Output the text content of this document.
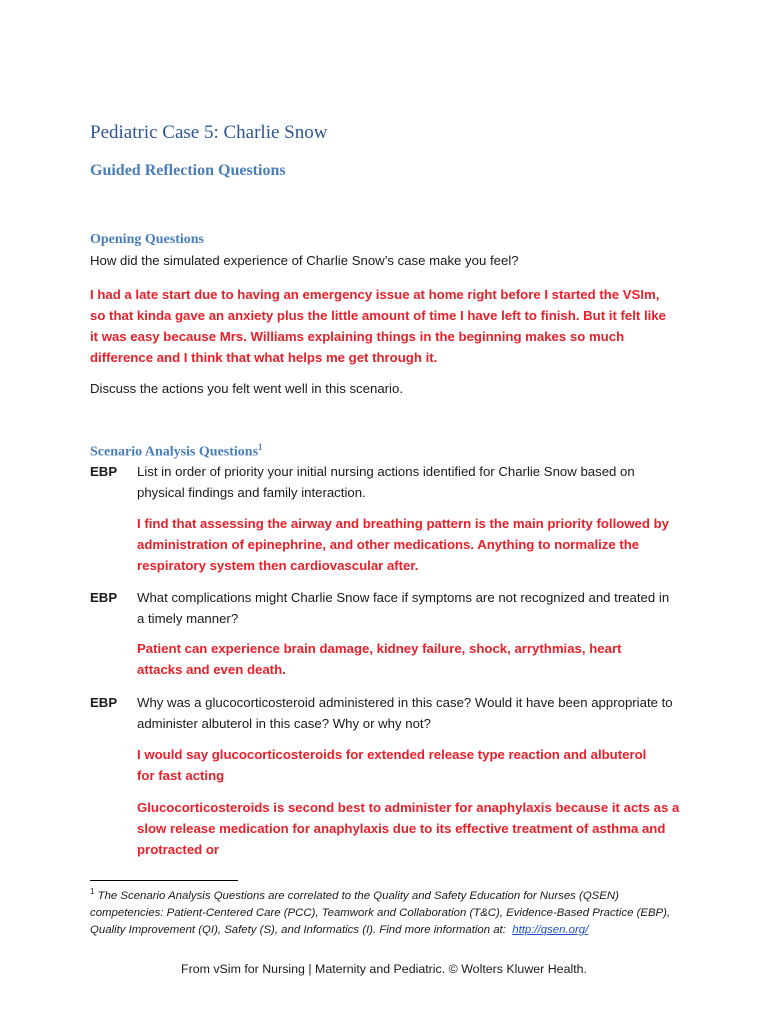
Pediatric Case 5: Charlie Snow
Guided Reflection Questions
Opening Questions
How did the simulated experience of Charlie Snow’s case make you feel?
I had a late start due to having an emergency issue at home right before I started the VSIm, so that kinda gave an anxiety plus the little amount of time I have left to finish. But it felt like it was easy because Mrs. Williams explaining things in the beginning makes so much difference and I think that what helps me get through it.
Discuss the actions you felt went well in this scenario.
Scenario Analysis Questions$^1$
EBP List in order of priority your initial nursing actions identified for Charlie Snow based on physical findings and family interaction.
I find that assessing the airway and breathing pattern is the main priority followed by administration of epinephrine, and other medications. Anything to normalize the respiratory system then cardiovascular after.
EBP What complications might Charlie Snow face if symptoms are not recognized and treated in a timely manner?
Patient can experience brain damage, kidney failure, shock, arrythmias, heart attacks and even death.
EBP Why was a glucocorticosteroid administered in this case? Would it have been appropriate to administer albuterol in this case? Why or why not?
I would say glucocorticosteroids for extended release type reaction and albuterol for fast acting
Glucocorticosteroids is second best to administer for anaphylaxis because it acts as a slow release medication for anaphylaxis due to its effective treatment of asthma and protracted or
$^1$ The Scenario Analysis Questions are correlated to the Quality and Safety Education for Nurses (QSEN) competencies: Patient-Centered Care (PCC), Teamwork and Collaboration (T&C), Evidence-Based Practice (EBP), Quality Improvement (QI), Safety (S), and Informatics (I). Find more information at: http://qsen.org/
From vSim for Nursing | Maternity and Pediatric. © Wolters Kluwer Health.
